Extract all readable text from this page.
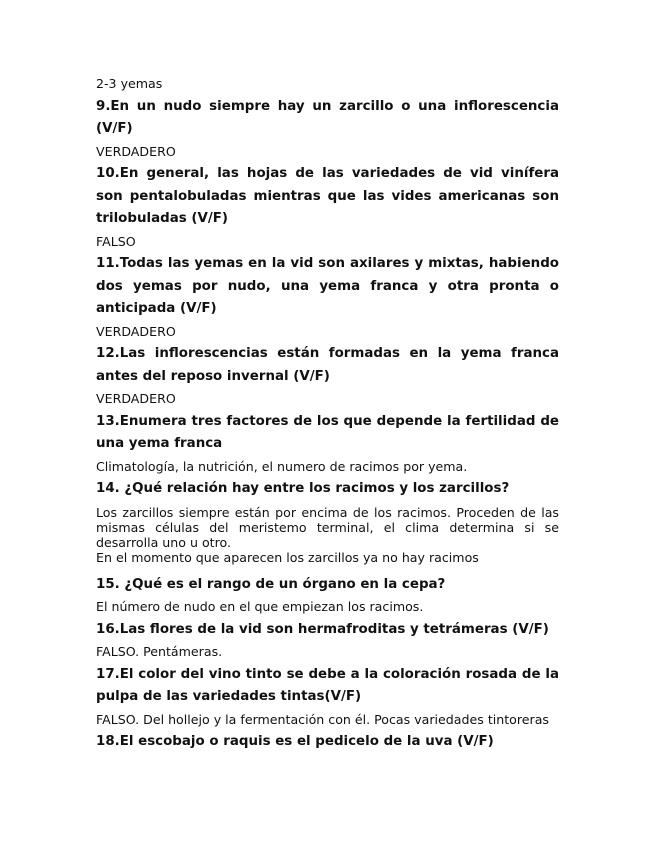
2-3 yemas

9.En un nudo siempre hay un zarcillo o una inflorescencia (V/F)

VERDADERO

10.En general, las hojas de las variedades de vid vinífera son pentalobuladas mientras que las vides americanas son trilobuladas (V/F)

FALSO

11.Todas las yemas en la vid son axilares y mixtas, habiendo dos yemas por nudo, una yema franca y otra pronta o anticipada (V/F)

VERDADERO

12.Las inflorescencias están formadas en la yema franca antes del reposo invernal (V/F)

VERDADERO

13.Enumera tres factores de los que depende la fertilidad de una yema franca

Climatología, la nutrición, el numero de racimos por yema.

14. ¿Qué relación hay entre los racimos y los zarcillos?

Los zarcillos siempre están por encima de los racimos. Proceden de las mismas células del meristemo terminal, el clima determina si se desarrolla uno u otro.

En el momento que aparecen los zarcillos ya no hay racimos

15. ¿Qué es el rango de un órgano en la cepa?

El número de nudo en el que empiezan los racimos.

16.Las flores de la vid son hermafroditas y tetrámeras (V/F)

FALSO. Pentámeras.

17.El color del vino tinto se debe a la coloración rosada de la pulpa de las variedades tintas(V/F)

FALSO. Del hollejo y la fermentación con él. Pocas variedades tintoreras

18.El escobajo o raquis es el pedicelo de la uva (V/F)
